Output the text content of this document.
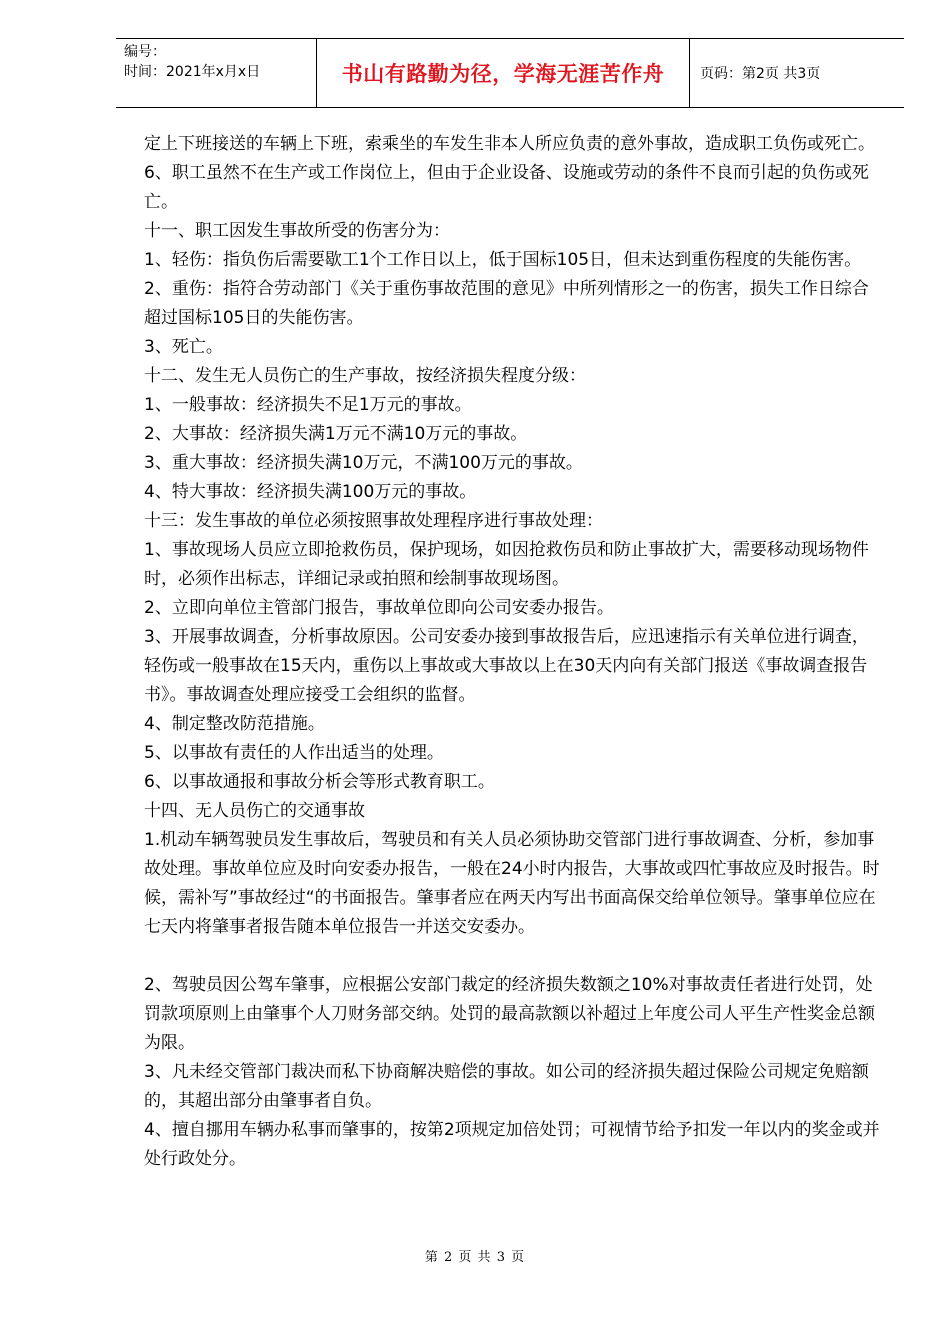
编号：
时间：2021年x月x日	书山有路勤为径，学海无涯苦作舟	页码：第2页 共3页

定上下班接送的车辆上下班，索乘坐的车发生非本人所应负责的意外事故，造成职工负伤或死亡。

6、职工虽然不在生产或工作岗位上，但由于企业设备、设施或劳动的条件不良而引起的负伤或死亡。

十一、职工因发生事故所受的伤害分为：

1、轻伤：指负伤后需要歇工1个工作日以上，低于国标105日，但未达到重伤程度的失能伤害。

2、重伤：指符合劳动部门《关于重伤事故范围的意见》中所列情形之一的伤害，损失工作日综合超过国标105日的失能伤害。

3、死亡。

十二、发生无人员伤亡的生产事故，按经济损失程度分级：

1、一般事故：经济损失不足1万元的事故。

2、大事故：经济损失满1万元不满10万元的事故。

3、重大事故：经济损失满10万元，不满100万元的事故。

4、特大事故：经济损失满100万元的事故。

十三：发生事故的单位必须按照事故处理程序进行事故处理：

1、事故现场人员应立即抢救伤员，保护现场，如因抢救伤员和防止事故扩大，需要移动现场物件时，必须作出标志，详细记录或拍照和绘制事故现场图。

2、立即向单位主管部门报告，事故单位即向公司安委办报告。

3、开展事故调查，分析事故原因。公司安委办接到事故报告后，应迅速指示有关单位进行调查，轻伤或一般事故在15天内，重伤以上事故或大事故以上在30天内向有关部门报送《事故调查报告书》。事故调查处理应接受工会组织的监督。

4、制定整改防范措施。

5、以事故有责任的人作出适当的处理。

6、以事故通报和事故分析会等形式教育职工。

十四、无人员伤亡的交通事故

1.机动车辆驾驶员发生事故后，驾驶员和有关人员必须协助交管部门进行事故调查、分析，参加事故处理。事故单位应及时向安委办报告，一般在24小时内报告，大事故或四忙事故应及时报告。时候，需补写”事故经过“的书面报告。肇事者应在两天内写出书面高保交给单位领导。肇事单位应在七天内将肇事者报告随本单位报告一并送交安委办。

2、驾驶员因公驾车肇事，应根据公安部门裁定的经济损失数额之10%对事故责任者进行处罚，处罚款项原则上由肇事个人刀财务部交纳。处罚的最高款额以补超过上年度公司人平生产性奖金总额为限。

3、凡未经交管部门裁决而私下协商解决赔偿的事故。如公司的经济损失超过保险公司规定免赔额的，其超出部分由肇事者自负。

4、擅自挪用车辆办私事而肇事的，按第2项规定加倍处罚；可视情节给予扣发一年以内的奖金或并处行政处分。

第 2 页 共 3 页
